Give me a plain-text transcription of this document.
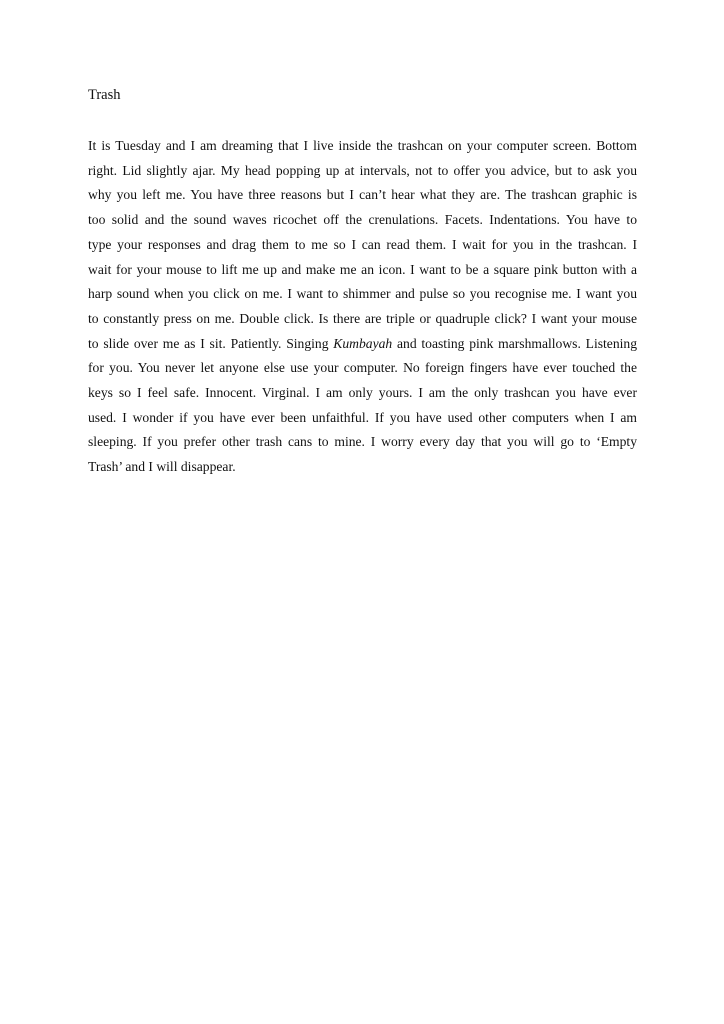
Trash
It is Tuesday and I am dreaming that I live inside the trashcan on your computer screen. Bottom
right. Lid slightly ajar. My head popping up at intervals, not to offer you advice, but to ask you
why you left me. You have three reasons but I can’t hear what they are. The trashcan graphic is
too solid and the sound waves ricochet off the crenulations. Facets. Indentations. You have to
type your responses and drag them to me so I can read them. I wait for you in the trashcan. I
wait for your mouse to lift me up and make me an icon. I want to be a square pink button with a
harp sound when you click on me. I want to shimmer and pulse so you recognise me. I want you
to constantly press on me. Double click. Is there are triple or quadruple click? I want your mouse
to slide over me as I sit. Patiently. Singing Kumbayah and toasting pink marshmallows. Listening
for you. You never let anyone else use your computer. No foreign fingers have ever touched the
keys so I feel safe. Innocent. Virginal. I am only yours. I am the only trashcan you have ever
used. I wonder if you have ever been unfaithful. If you have used other computers when I am
sleeping. If you prefer other trash cans to mine. I worry every day that you will go to ‘Empty
Trash’ and I will disappear.
